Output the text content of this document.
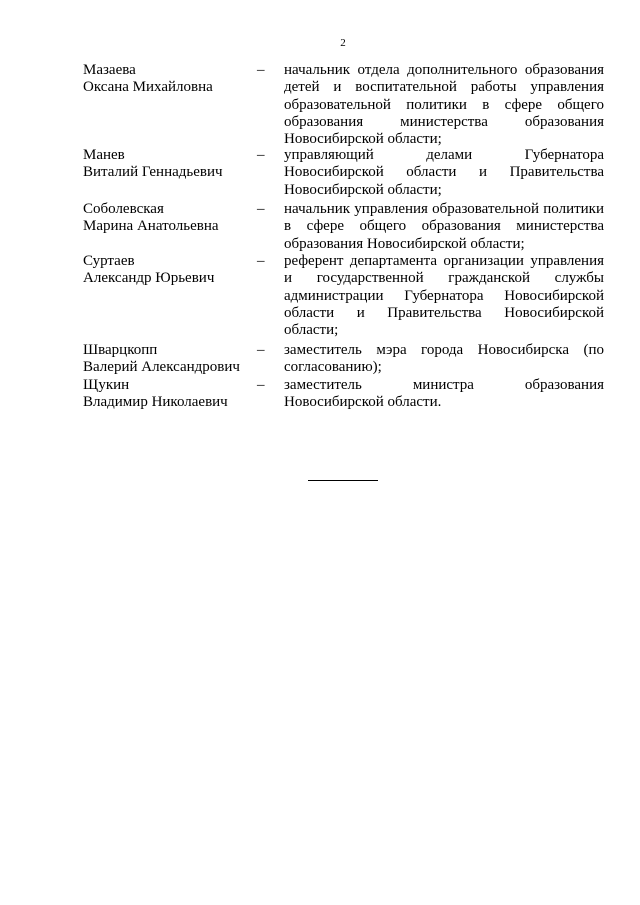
2
Мазаева
Оксана Михайловна
–	начальник отдела дополнительного образования детей и воспитательной работы управления образовательной политики в сфере общего образования министерства образования Новосибирской области;
Манев
Виталий Геннадьевич
–	управляющий делами Губернатора Новосибирской области и Правительства Новосибирской области;
Соболевская
Марина Анатольевна
–	начальник управления образовательной политики в сфере общего образования министерства образования Новосибирской области;
Суртаев
Александр Юрьевич
–	референт департамента организации управления и государственной гражданской службы администрации Губернатора Новосибирской области и Правительства Новосибирской области;
Шварцкопп
Валерий Александрович
–	заместитель мэра города Новосибирска (по согласованию);
Щукин
Владимир Николаевич
–	заместитель министра образования Новосибирской области.
